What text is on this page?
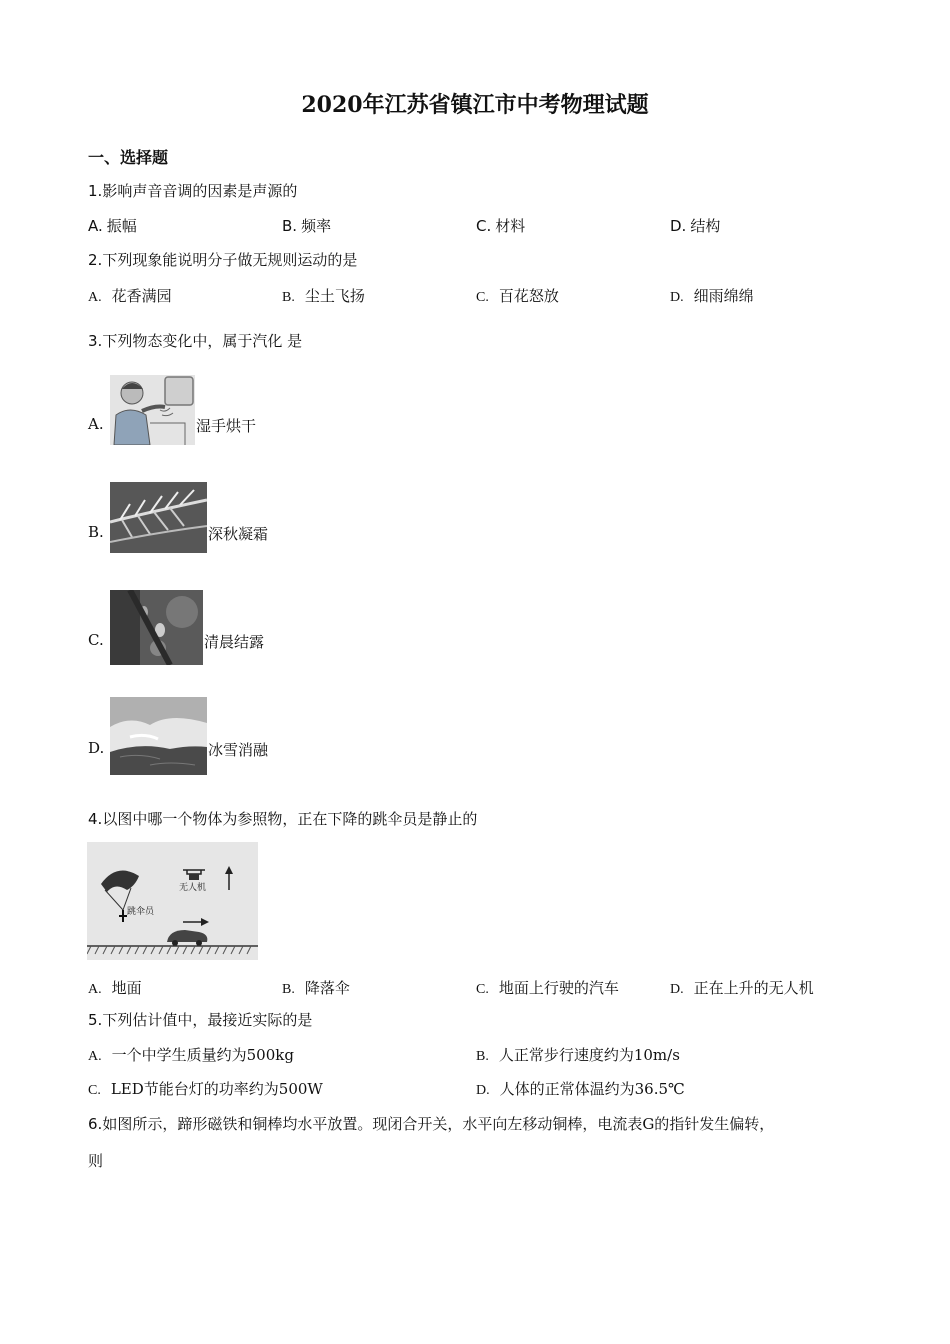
2020年江苏省镇江市中考物理试题
一、选择题
1.影响声音音调的因素是声源的
A. 振幅	B. 频率	C. 材料	D. 结构
2.下列现象能说明分子做无规则运动的是
A. 花香满园	B. 尘土飞扬	C. 百花怒放	D. 细雨绵绵
3.下列物态变化中，属于汽化 是
A.	湿手烘干
B.	深秋凝霜
C.	清晨结露
D.	冰雪消融
4.以图中哪一个物体为参照物，正在下降的跳伞员是静止的
跳伞员
无人机
A. 地面	B. 降落伞	C. 地面上行驶的汽车	D. 正在上升的无人机
5.下列估计值中，最接近实际的是
A. 一个中学生质量约为500kg	B. 人正常步行速度约为10m/s
C. LED节能台灯的功率约为500W	D. 人体的正常体温约为36.5℃
6.如图所示，蹄形磁铁和铜棒均水平放置。现闭合开关，水平向左移动铜棒，电流表G的指针发生偏转，
则
